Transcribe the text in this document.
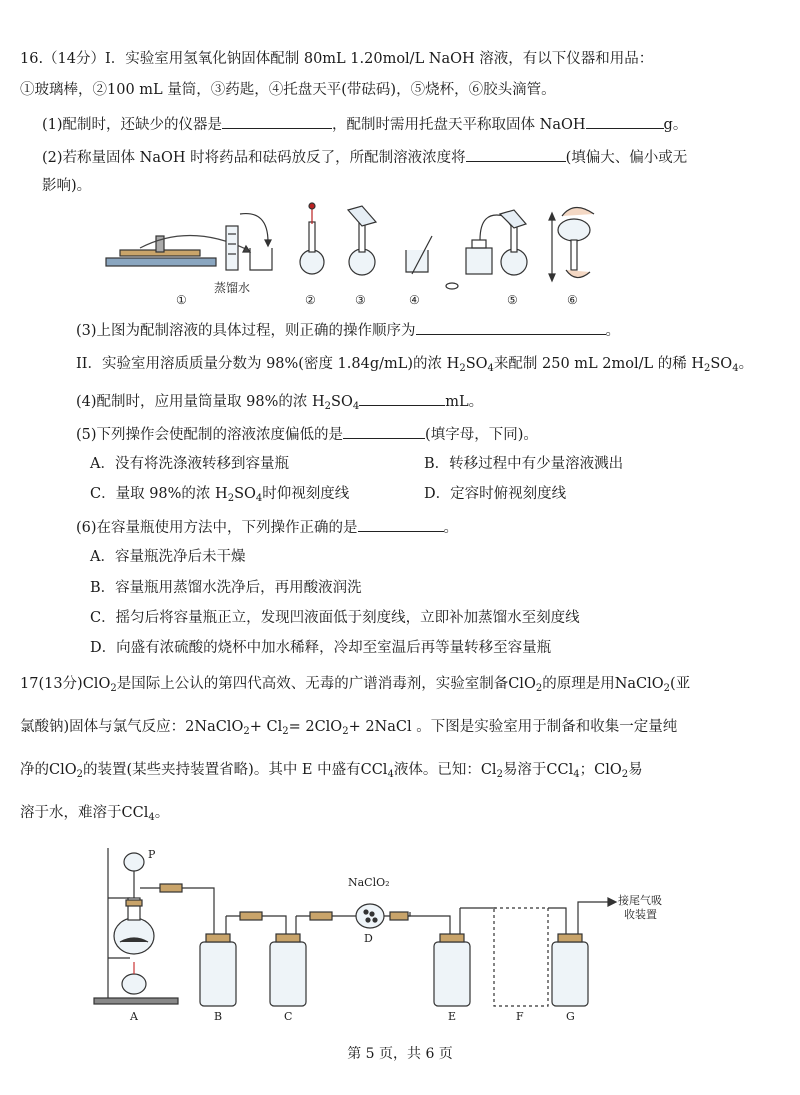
16.（14分）I．实验室用氢氧化钠固体配制 80mL 1.20mol/L NaOH 溶液，有以下仪器和用品：
①玻璃棒，②100 mL 量筒，③药匙，④托盘天平(带砝码)，⑤烧杯，⑥胶头滴管。
(1)配制时，还缺少的仪器是	，配制时需用托盘天平称取固体 NaOH	g。
(2)若称量固体 NaOH 时将药品和砝码放反了，所配制溶液浓度将	(填偏大、偏小或无
影响)。
①	②	③	④	⑤	⑥
蒸馏水
(3)上图为配制溶液的具体过程，则正确的操作顺序为	。
II．实验室用溶质质量分数为 98%(密度 1.84g/mL)的浓 $H_2SO_4$来配制 250 mL 2mol/L 的稀 $H_2SO_4$。
(4)配制时，应用量筒量取 98%的浓 $H_2SO_4$	mL。
(5)下列操作会使配制的溶液浓度偏低的是	(填字母，下同)。
A．没有将洗涤液转移到容量瓶	B．转移过程中有少量溶液溅出
C．量取 98%的浓 $H_2SO_4$时仰视刻度线	D．定容时俯视刻度线
(6)在容量瓶使用方法中，下列操作正确的是	。
A．容量瓶洗净后未干燥
B．容量瓶用蒸馏水洗净后，再用酸液润洗
C．摇匀后将容量瓶正立，发现凹液面低于刻度线，立即补加蒸馏水至刻度线
D．向盛有浓硫酸的烧杯中加水稀释，冷却至室温后再等量转移至容量瓶
17(13分)ClO$_2$是国际上公认的第四代高效、无毒的广谱消毒剂，实验室制备ClO$_2$的原理是用NaClO$_2$(亚
氯酸钠)固体与氯气反应：2NaClO$_2$+ $Cl_2= 2ClO_2+$ 2NaCl 。下图是实验室用于制备和收集一定量纯
净的ClO$_2$的装置(某些夹持装置省略)。其中 E 中盛有CCl$_4$液体。已知：$Cl_2$易溶于CCl$_4$；ClO$_2$易
溶于水，难溶于CCl$_4$。
P
NaClO₂
接尾气吸
收装置
A	B	C
D
E	F	G
第 5 页，共 6 页
